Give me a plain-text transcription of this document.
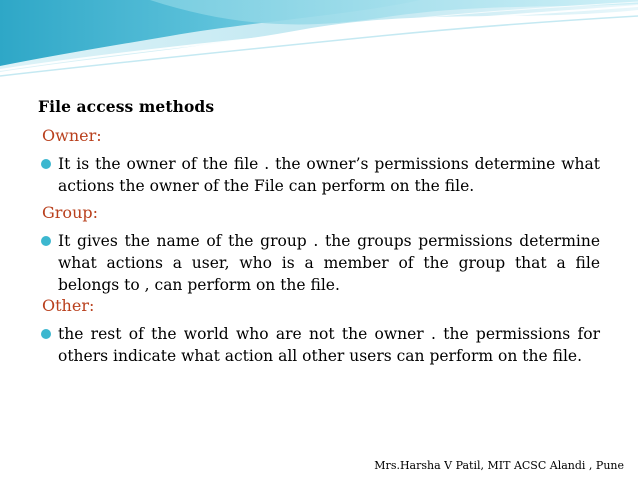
File access methods
Owner:
It is the owner of the file . the owner’s permissions determine what actions the owner of the File can perform on the file.
Group:
It gives the name of the group . the groups permissions determine what actions a user, who is a member of the group that a file belongs to , can perform on the file.
Other:
the rest of the world who are not the owner . the permissions for others indicate what action all other users can perform on the file.
Mrs.Harsha V Patil, MIT ACSC Alandi , Pune
